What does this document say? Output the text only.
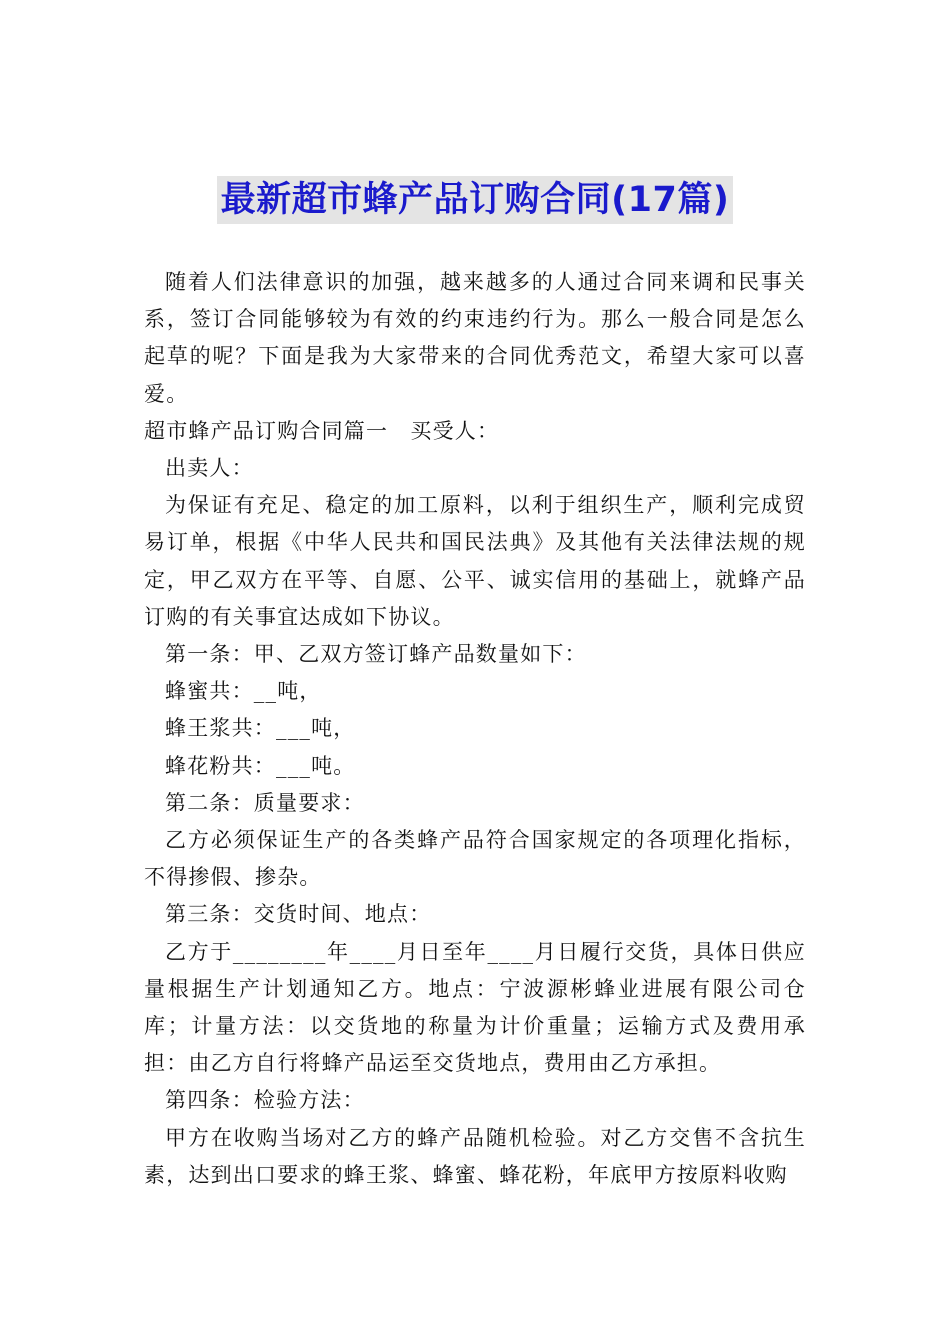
最新超市蜂产品订购合同(17篇)

随着人们法律意识的加强，越来越多的人通过合同来调和民事关系，签订合同能够较为有效的约束违约行为。那么一般合同是怎么起草的呢？下面是我为大家带来的合同优秀范文，希望大家可以喜爱。

超市蜂产品订购合同篇一　买受人：

出卖人：

为保证有充足、稳定的加工原料，以利于组织生产，顺利完成贸易订单，根据《中华人民共和国民法典》及其他有关法律法规的规定，甲乙双方在平等、自愿、公平、诚实信用的基础上，就蜂产品订购的有关事宜达成如下协议。

第一条：甲、乙双方签订蜂产品数量如下：

蜂蜜共：__吨，

蜂王浆共：___吨，

蜂花粉共：___吨。

第二条：质量要求：

乙方必须保证生产的各类蜂产品符合国家规定的各项理化指标，不得掺假、掺杂。

第三条：交货时间、地点：

乙方于________年____月日至年____月日履行交货，具体日供应量根据生产计划通知乙方。地点：宁波源彬蜂业进展有限公司仓库；计量方法：以交货地的称量为计价重量；运输方式及费用承担：由乙方自行将蜂产品运至交货地点，费用由乙方承担。

第四条：检验方法：

甲方在收购当场对乙方的蜂产品随机检验。对乙方交售不含抗生素，达到出口要求的蜂王浆、蜂蜜、蜂花粉，年底甲方按原料收购
